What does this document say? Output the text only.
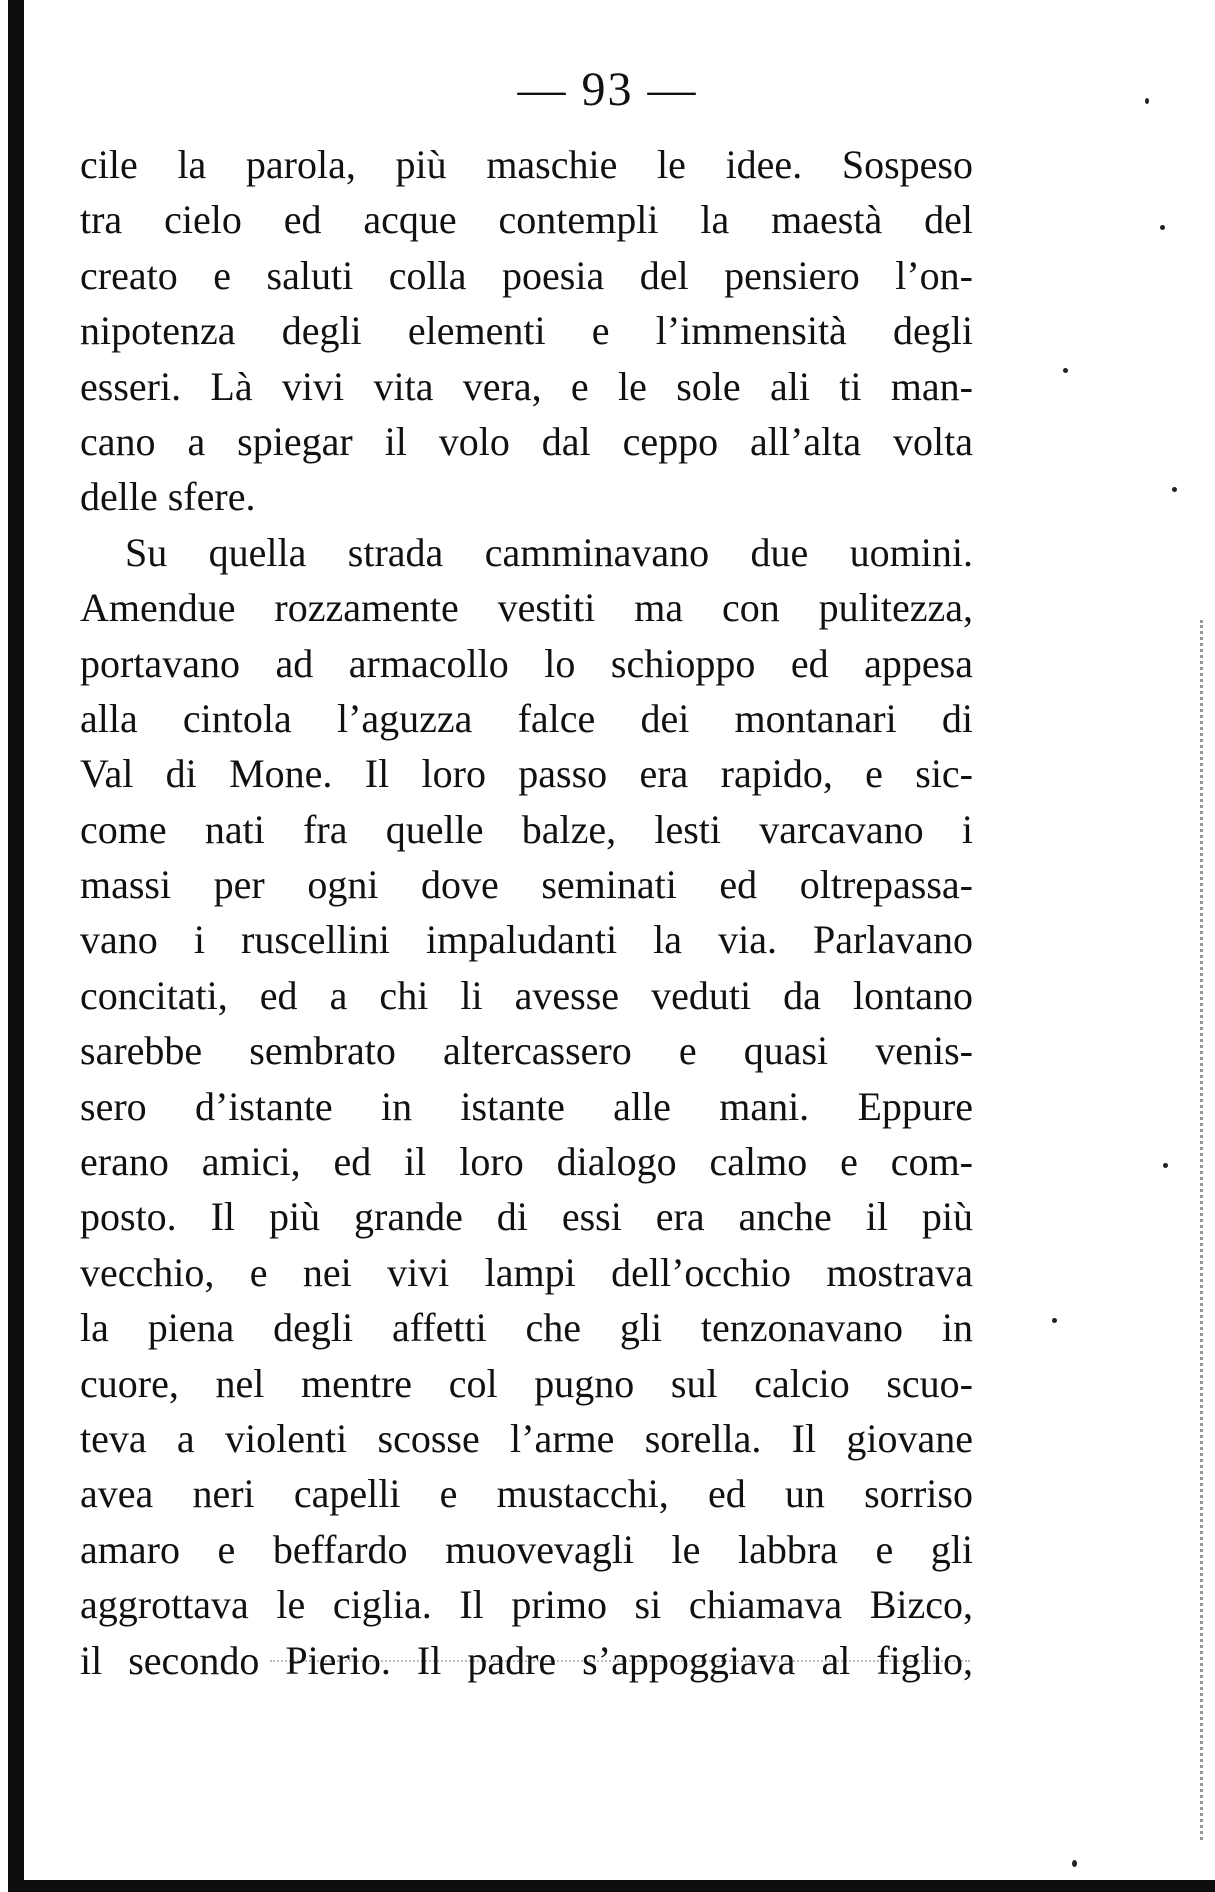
— 93 —
cile la parola, più maschie le idee. Sospeso
tra cielo ed acque contempli la maestà del
creato e saluti colla poesia del pensiero l’on-
nipotenza degli elementi e l’immensità degli
esseri. Là vivi vita vera, e le sole ali ti man-
cano a spiegar il volo dal ceppo all’alta volta
delle sfere.
Su quella strada camminavano due uomini.
Amendue rozzamente vestiti ma con pulitezza,
portavano ad armacollo lo schioppo ed appesa
alla cintola l’aguzza falce dei montanari di
Val di Mone. Il loro passo era rapido, e sic-
come nati fra quelle balze, lesti varcavano i
massi per ogni dove seminati ed oltrepassa-
vano i ruscellini impaludanti la via. Parlavano
concitati, ed a chi li avesse veduti da lontano
sarebbe sembrato altercassero e quasi venis-
sero d’istante in istante alle mani. Eppure
erano amici, ed il loro dialogo calmo e com-
posto. Il più grande di essi era anche il più
vecchio, e nei vivi lampi dell’occhio mostrava
la piena degli affetti che gli tenzonavano in
cuore, nel mentre col pugno sul calcio scuo-
teva a violenti scosse l’arme sorella. Il giovane
avea neri capelli e mustacchi, ed un sorriso
amaro e beffardo muovevagli le labbra e gli
aggrottava le ciglia. Il primo si chiamava Bizco,
il secondo Pierio. Il padre s’appoggiava al figlio,
